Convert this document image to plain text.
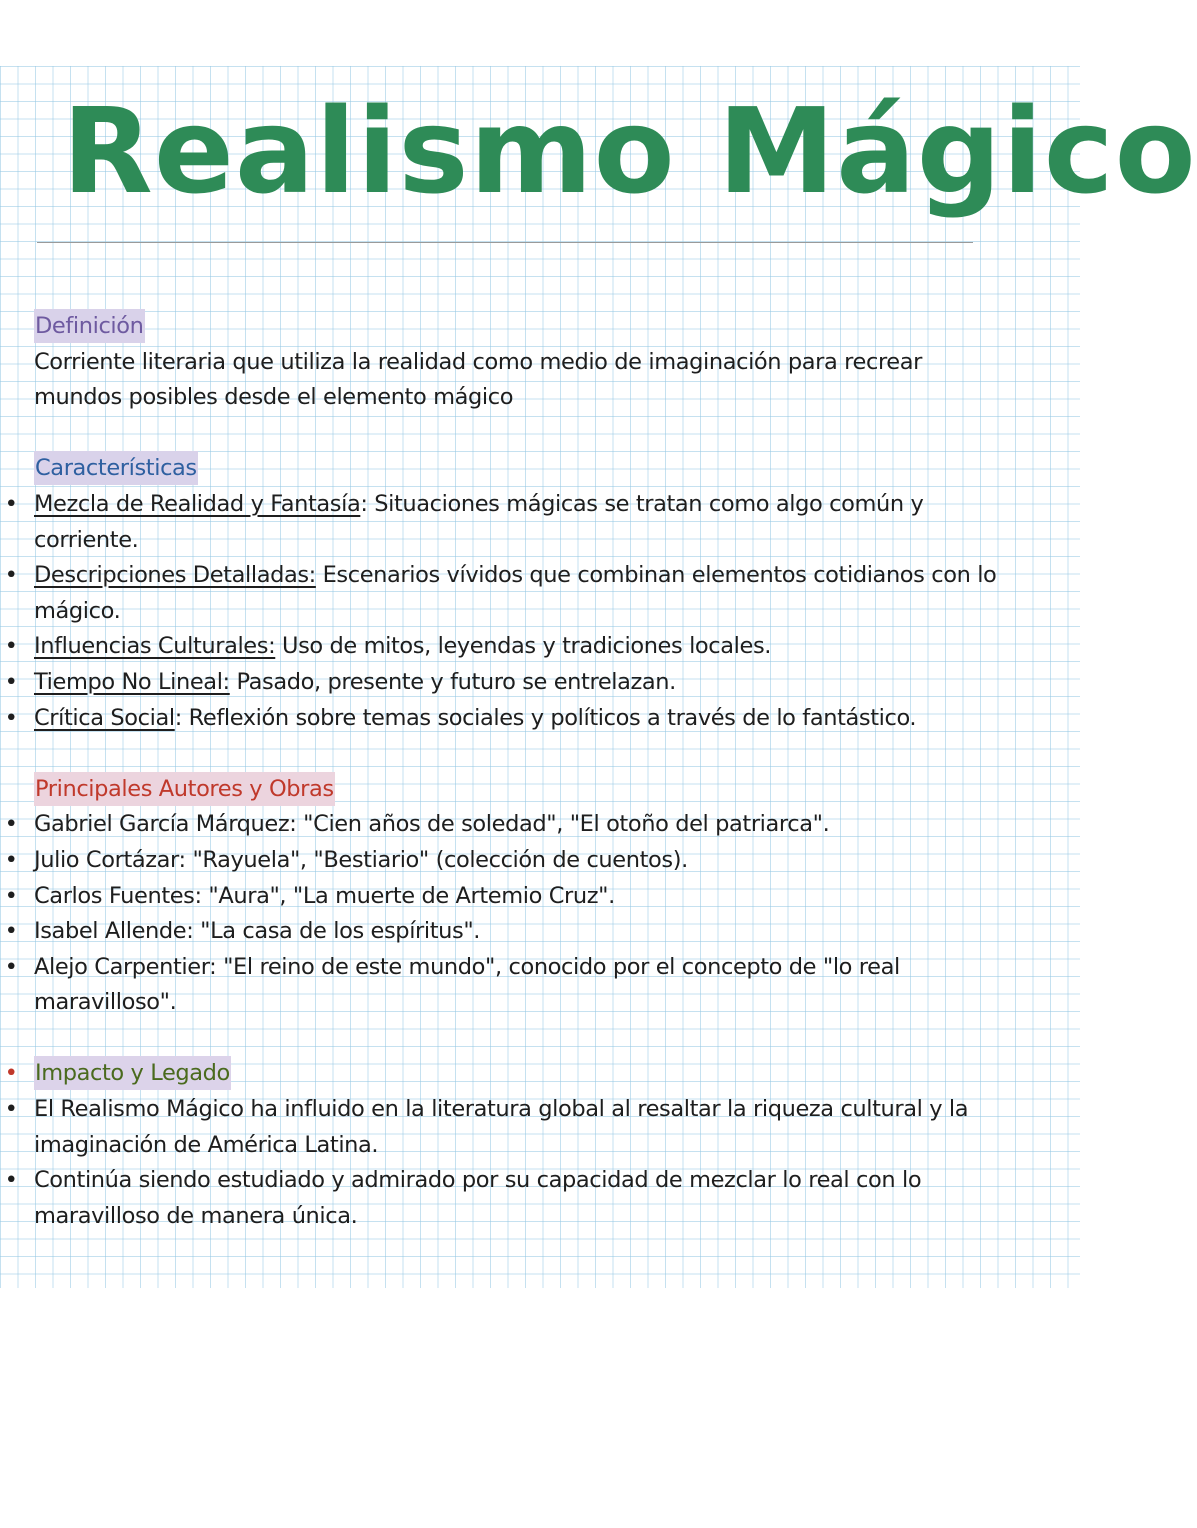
Realismo Mágico
Definición
Corriente literaria que utiliza la realidad como medio de imaginación para recrear
mundos posibles desde el elemento mágico
Características
• Mezcla de Realidad y Fantasía: Situaciones mágicas se tratan como algo común y
corriente.
• Descripciones Detalladas: Escenarios vívidos que combinan elementos cotidianos con lo
mágico.
• Influencias Culturales: Uso de mitos, leyendas y tradiciones locales.
• Tiempo No Lineal: Pasado, presente y futuro se entrelazan.
• Crítica Social: Reflexión sobre temas sociales y políticos a través de lo fantástico.
Principales Autores y Obras
• Gabriel García Márquez: "Cien años de soledad", "El otoño del patriarca".
• Julio Cortázar: "Rayuela", "Bestiario" (colección de cuentos).
• Carlos Fuentes: "Aura", "La muerte de Artemio Cruz".
• Isabel Allende: "La casa de los espíritus".
• Alejo Carpentier: "El reino de este mundo", conocido por el concepto de "lo real
maravilloso".
• Impacto y Legado
• El Realismo Mágico ha influido en la literatura global al resaltar la riqueza cultural y la
imaginación de América Latina.
• Continúa siendo estudiado y admirado por su capacidad de mezclar lo real con lo
maravilloso de manera única.
